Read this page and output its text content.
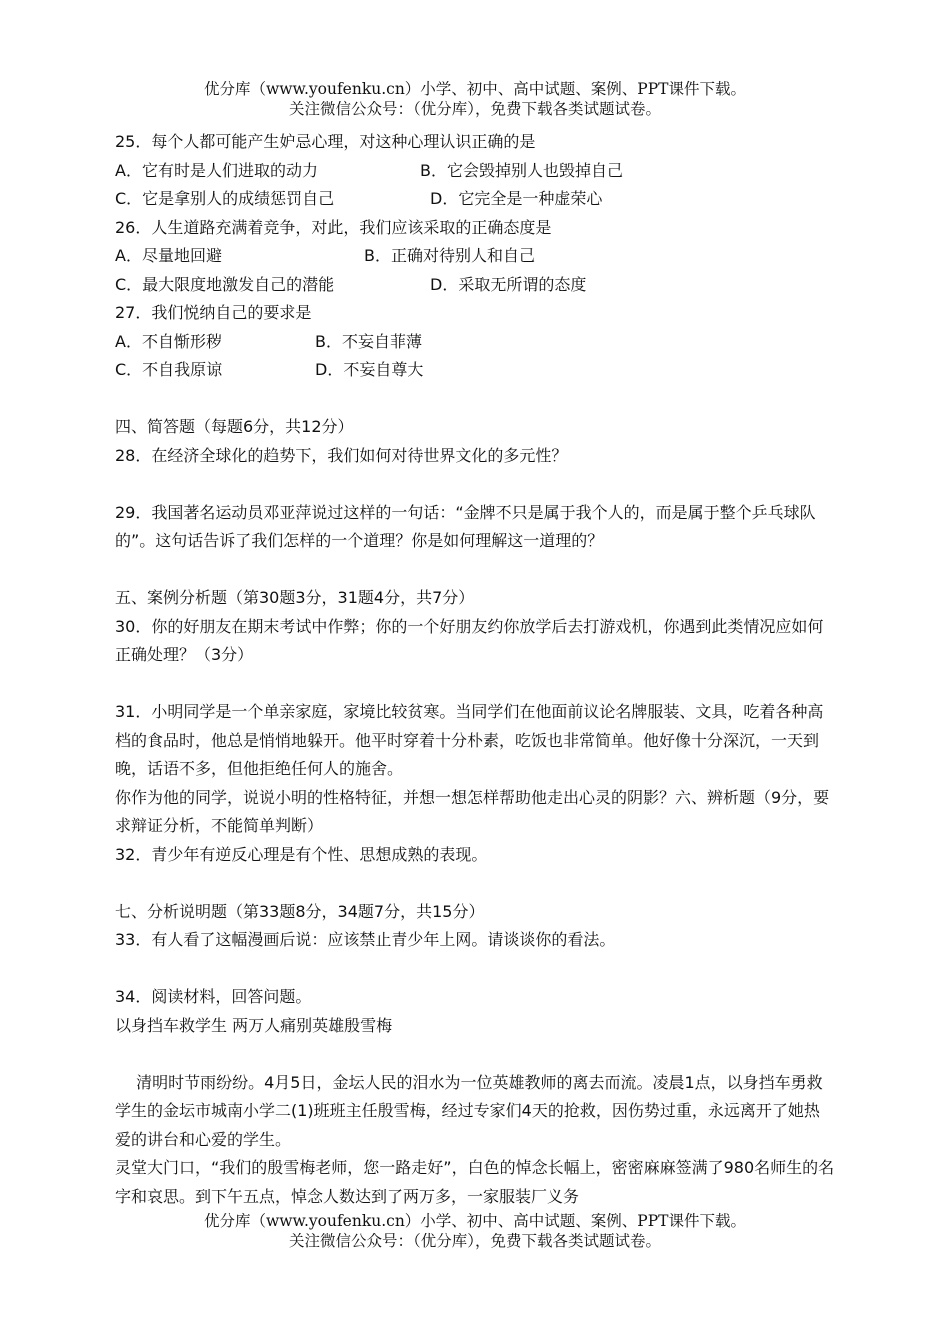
优分库（www.youfenku.cn）小学、初中、高中试题、案例、PPT课件下载。
关注微信公众号：（优分库），免费下载各类试题试卷。
25．每个人都可能产生妒忌心理，对这种心理认识正确的是
A．它有时是人们进取的动力	B．它会毁掉别人也毁掉自己
C．它是拿别人的成绩惩罚自己	D．它完全是一种虚荣心
26．人生道路充满着竞争，对此，我们应该采取的正确态度是
A．尽量地回避	B．正确对待别人和自己
C．最大限度地激发自己的潜能	D．采取无所谓的态度
27．我们悦纳自己的要求是
A．不自惭形秽	B．不妄自菲薄
C．不自我原谅	D．不妄自尊大
四、简答题（每题6分，共12分）
28．在经济全球化的趋势下，我们如何对待世界文化的多元性？
29．我国著名运动员邓亚萍说过这样的一句话：“金牌不只是属于我个人的，而是属于整个乒乓球队的”。这句话告诉了我们怎样的一个道理？你是如何理解这一道理的？
五、案例分析题（第30题3分，31题4分，共7分）
30．你的好朋友在期末考试中作弊；你的一个好朋友约你放学后去打游戏机，你遇到此类情况应如何正确处理？（3分）
31．小明同学是一个单亲家庭，家境比较贫寒。当同学们在他面前议论名牌服装、文具，吃着各种高档的食品时，他总是悄悄地躲开。他平时穿着十分朴素，吃饭也非常简单。他好像十分深沉，一天到晚，话语不多，但他拒绝任何人的施舍。
你作为他的同学，说说小明的性格特征，并想一想怎样帮助他走出心灵的阴影？六、辨析题（9分，要求辩证分析，不能简单判断）
32．青少年有逆反心理是有个性、思想成熟的表现。
七、分析说明题（第33题8分，34题7分，共15分）
33．有人看了这幅漫画后说：应该禁止青少年上网。请谈谈你的看法。
34．阅读材料，回答问题。
以身挡车救学生 两万人痛别英雄殷雪梅
　 清明时节雨纷纷。4月5日，金坛人民的泪水为一位英雄教师的离去而流。凌晨1点，以身挡车勇救学生的金坛市城南小学二(1)班班主任殷雪梅，经过专家们4天的抢救，因伤势过重，永远离开了她热爱的讲台和心爱的学生。
灵堂大门口，“我们的殷雪梅老师，您一路走好”，白色的悼念长幅上，密密麻麻签满了980名师生的名字和哀思。到下午五点，悼念人数达到了两万多，一家服装厂义务
优分库（www.youfenku.cn）小学、初中、高中试题、案例、PPT课件下载。
关注微信公众号：（优分库），免费下载各类试题试卷。
